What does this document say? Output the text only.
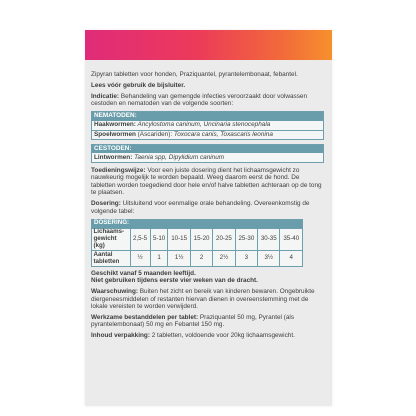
Zipyran tabletten voor honden, Praziquantel, pyrantelembonaat, febantel.

Lees vóór gebruik de bijsluiter.

Indicatie: Behandeling van gemengde infecties veroorzaakt door volwassen cestoden en nematoden van de volgende soorten:

NEMATODEN:
Haakwormen: Ancylostoma caninum, Uncinaria stenocephala
Spoelwormen (Ascariden): Toxocara canis, Toxascaris leonina
CESTODEN:
Lintwormen: Taenia spp, Dipylidium caninum

Toedieningswijze: Voor een juiste dosering dient het lichaamsgewicht zo nauwkeurig mogelijk te worden bepaald. Weeg daarom eerst de hond. De tabletten worden toegediend door hele en/of halve tabletten achteraan op de tong te plaatsen.

Dosering: Uitsluitend voor eenmalige orale behandeling. Overeenkomstig de volgende tabel:

DOSERING:								
Lichaams-gewicht (kg)	2,5-5	5-10	10-15	15-20	20-25	25-30	30-35	35-40
Aantal tabletten	½	1	1½	2	2½	3	3½	4

Geschikt vanaf 5 maanden leeftijd.

Niet gebruiken tijdens eerste vier weken van de dracht.

Waarschuwing: Buiten het zicht en bereik van kinderen bewaren. Ongebruikte diergeneesmiddelen of restanten hiervan dienen in overeenstemming met de lokale vereisten te worden verwijderd.

Werkzame bestanddelen per tablet: Praziquantel 50 mg, Pyrantel (als pyrantelembonaat) 50 mg en Febantel 150 mg.

Inhoud verpakking: 2 tabletten, voldoende voor 20kg lichaamsgewicht.
